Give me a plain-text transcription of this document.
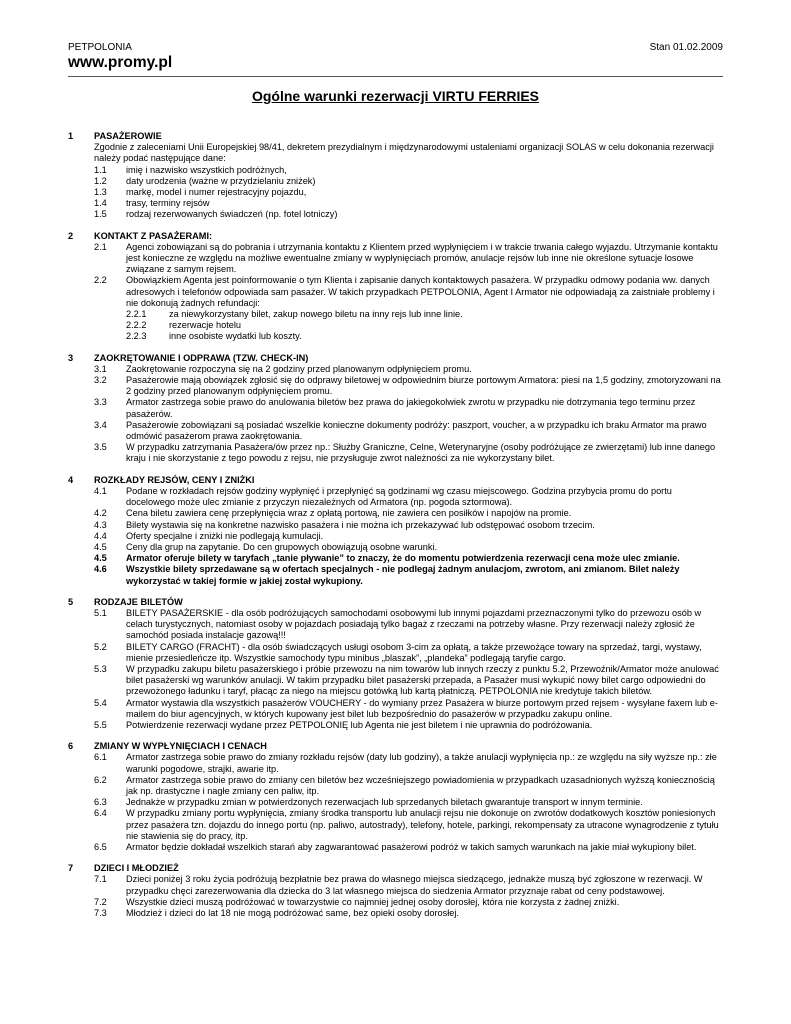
PETPOLONIA	Stan 01.02.2009
www.promy.pl
Ogólne warunki rezerwacji VIRTU FERRIES
1	PASAŻEROWIE
Zgodnie z zaleceniami Unii Europejskiej 98/41, dekretem prezydialnym i międzynarodowymi ustaleniami organizacji SOLAS w celu dokonania rezerwacji należy podać następujące dane:
1.1	imię i nazwisko wszystkich podróżnych,
1.2	daty urodzenia (ważne w przydzielaniu zniżek)
1.3	markę, model i numer rejestracyjny pojazdu,
1.4	trasy, terminy rejsów
1.5	rodzaj rezerwowanych świadczeń (np. fotel lotniczy)
2	KONTAKT Z PASAŻERAMI:
2.1	Agenci zobowiązani są do pobrania i utrzymania kontaktu z Klientem przed wypłynięciem i w trakcie trwania całego wyjazdu. Utrzymanie kontaktu jest konieczne ze względu na możliwe ewentualne zmiany w wypłynięciach promów, anulacje rejsów lub inne nie określone sytuacje losowe związane z samym rejsem.
2.2	Obowiązkiem Agenta jest poinformowanie o tym Klienta i zapisanie danych kontaktowych pasażera. W przypadku odmowy podania ww. danych adresowych i telefonów odpowiada sam pasażer. W takich przypadkach PETPOLONIA, Agent I Armator nie odpowiadają za zaistniałe problemy i nie dokonują żadnych refundacji:
2.2.1	za niewykorzystany bilet, zakup nowego biletu na inny rejs lub inne linie.
2.2.2	rezerwacje hotelu
2.2.3	inne osobiste wydatki lub koszty.
3	ZAOKRĘTOWANIE I ODPRAWA (TZW. CHECK-IN)
3.1	Zaokrętowanie rozpoczyna się na 2 godziny przed planowanym odpłynięciem promu.
3.2	Pasażerowie mają obowiązek zgłosić się do odprawy biletowej w odpowiednim biurze portowym Armatora: piesi na 1,5 godziny, zmotoryzowani na 2 godziny przed planowanym odpłynięciem promu.
3.3	Armator zastrzega sobie prawo do anulowania biletów bez prawa do jakiegokolwiek zwrotu w przypadku nie dotrzymania tego terminu przez pasażerów.
3.4	Pasażerowie zobowiązani są posiadać wszelkie konieczne dokumenty podróży: paszport, voucher, a w przypadku ich braku Armator ma prawo odmówić pasażerom prawa zaokrętowania.
3.5	W przypadku zatrzymania Pasażera/ów przez np.: Służby Graniczne, Celne, Weterynaryjne (osoby podróżujące ze zwierzętami) lub inne danego kraju i nie skorzystanie z tego powodu z rejsu, nie przysługuje zwrot należności za nie wykorzystany bilet.
4	ROZKŁADY REJSÓW, CENY I ZNIŻKI
4.1	Podane w rozkładach rejsów godziny wypłynięć i przepłynięć są godzinami wg czasu miejscowego. Godzina przybycia promu do portu docelowego może ulec zmianie z przyczyn niezależnych od Armatora (np. pogoda sztormowa).
4.2	Cena biletu zawiera cenę przepłynięcia wraz z opłatą portową, nie zawiera cen posiłków i napojów na promie.
4.3	Bilety wystawia się na konkretne nazwisko pasażera i nie można ich przekazywać lub odstępować osobom trzecim.
4.4	Oferty specjalne i zniżki nie podlegają kumulacji.
4.5	Ceny dla grup na zapytanie. Do cen grupowych obowiązują osobne warunki.
4.5	Armator oferuje bilety w taryfach „tanie pływanie” to znaczy, że do momentu potwierdzenia rezerwacji cena może ulec zmianie.
4.6	Wszystkie bilety sprzedawane są w ofertach specjalnych - nie podlegaj żadnym anulacjom, zwrotom, ani zmianom. Bilet należy wykorzystać w takiej formie w jakiej został wykupiony.
5	RODZAJE BILETÓW
5.1	BILETY PASAŻERSKIE - dla osób podróżujących samochodami osobowymi lub innymi pojazdami przeznaczonymi tylko do przewozu osób w celach turystycznych, natomiast osoby w pojazdach posiadają tylko bagaż z rzeczami na potrzeby własne. Przy rezerwacji należy zgłosić że samochód posiada instalacje gazową!!!
5.2	BILETY CARGO (FRACHT) - dla osób świadczących usługi osobom 3-cim za opłatą, a także przewożące towary na sprzedaż, targi, wystawy, mienie przesiedleńcze itp. Wszystkie samochody typu minibus „blaszak”, „plandeka” podlegają taryfie cargo.
5.3	W przypadku zakupu biletu pasażerskiego i próbie przewozu na nim towarów lub innych rzeczy z punktu 5.2, Przewoźnik/Armator może anulować bilet pasażerski wg warunków anulacji. W takim przypadku bilet pasażerski przepada, a Pasażer musi wykupić nowy bilet cargo odpowiedni do przewożonego ładunku i taryf, płacąc za niego na miejscu gotówką lub kartą płatniczą. PETPOLONIA nie kredytuje takich biletów.
5.4	Armator wystawia dla wszystkich pasażerów VOUCHERY - do wymiany przez Pasażera w biurze portowym przed rejsem - wysyłane faxem lub e-mailem do biur agencyjnych, w których kupowany jest bilet lub bezpośrednio do pasażerów w przypadku zakupu online.
5.5	Potwierdzenie rezerwacji wydane przez PETPOLONIĘ lub Agenta nie jest biletem i nie uprawnia do podróżowania.
6	ZMIANY W WYPŁYNIĘCIACH I CENACH
6.1	Armator zastrzega sobie prawo do zmiany rozkładu rejsów (daty lub godziny), a także anulacji wypłynięcia np.: ze względu na siły wyższe np.: złe warunki pogodowe, strajki, awarie itp.
6.2	Armator zastrzega sobie prawo do zmiany cen biletów bez wcześniejszego powiadomienia w przypadkach uzasadnionych wyższą koniecznością jak np. drastyczne i nagłe zmiany cen paliw, itp.
6.3	Jednakże w przypadku zmian w potwierdzonych rezerwacjach lub sprzedanych biletach gwarantuje transport w innym terminie.
6.4	W przypadku zmiany portu wypłynięcia, zmiany środka transportu lub anulacji rejsu nie dokonuje on zwrotów dodatkowych kosztów poniesionych przez pasażera tzn. dojazdu do innego portu (np. paliwo, autostrady), telefony, hotele, parkingi, rekompensaty za utracone wynagrodzenie z tytułu nie stawienia się do pracy, itp.
6.5	Armator będzie dokładał wszelkich starań aby zagwarantować pasażerowi podróż w takich samych warunkach na jakie miał wykupiony bilet.
7	DZIECI I MŁODZIEŻ
7.1	Dzieci poniżej 3 roku życia podróżują bezpłatnie bez prawa do własnego miejsca siedzącego, jednakże muszą być zgłoszone w rezerwacji. W przypadku chęci zarezerwowania dla dziecka do 3 lat własnego miejsca do siedzenia Armator przyznaje rabat od ceny podstawowej.
7.2	Wszystkie dzieci muszą podróżować w towarzystwie co najmniej jednej osoby dorosłej, która nie korzysta z żadnej zniżki.
7.3	Młodzież i dzieci do lat 18 nie mogą podróżować same, bez opieki osoby dorosłej.
